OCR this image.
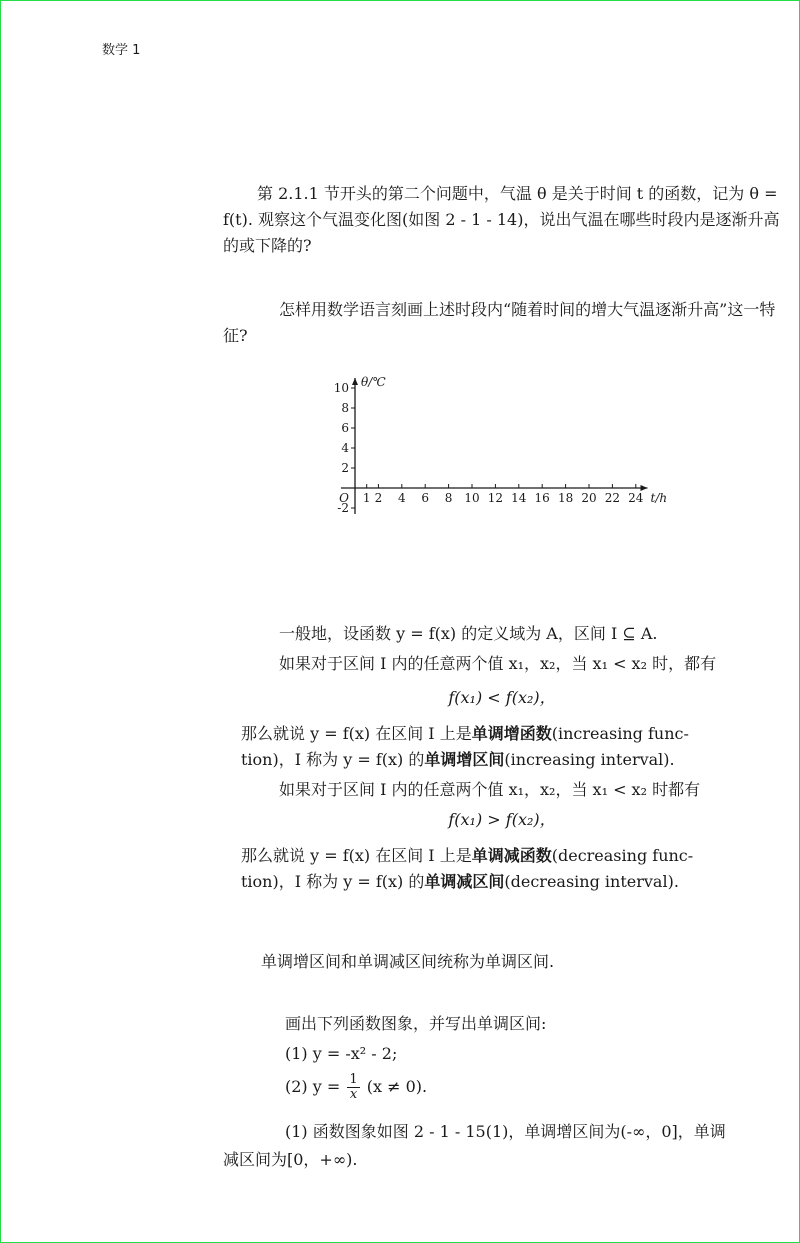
数学 1

第 2.1.1 节开头的第二个问题中，气温 θ 是关于时间 t 的函数，记为 θ = f(t). 观察这个气温变化图(如图 2 - 1 - 14)，说出气温在哪些时段内是逐渐升高的或下降的?

怎样用数学语言刻画上述时段内“随着时间的增大气温逐渐升高”这一特征?

10
8
6
4
2
-2
1 2 4 6 8 10 12 14 16 18 20 22 24
O
θ/℃
t/h
一般地，设函数 y = f(x) 的定义域为 A，区间 I ⊆ A.
如果对于区间 I 内的任意两个值 x₁，x₂，当 x₁ < x₂ 时，都有
f(x₁) < f(x₂)，
那么就说 y = f(x) 在区间 I 上是单调增函数(increasing func-
tion)，I 称为 y = f(x) 的单调增区间(increasing interval).
如果对于区间 I 内的任意两个值 x₁，x₂，当 x₁ < x₂ 时都有
f(x₁) > f(x₂)，
那么就说 y = f(x) 在区间 I 上是单调减函数(decreasing func-
tion)，I 称为 y = f(x) 的单调减区间(decreasing interval).
单调增区间和单调减区间统称为单调区间.
画出下列函数图象，并写出单调区间:
(1) y = -x² - 2;
(2) $y = \frac{1}{x} (x \ne 0)$.
(1) 函数图象如图 2 - 1 - 15(1)，单调增区间为(-∞，0]，单调
减区间为[0，+∞).
